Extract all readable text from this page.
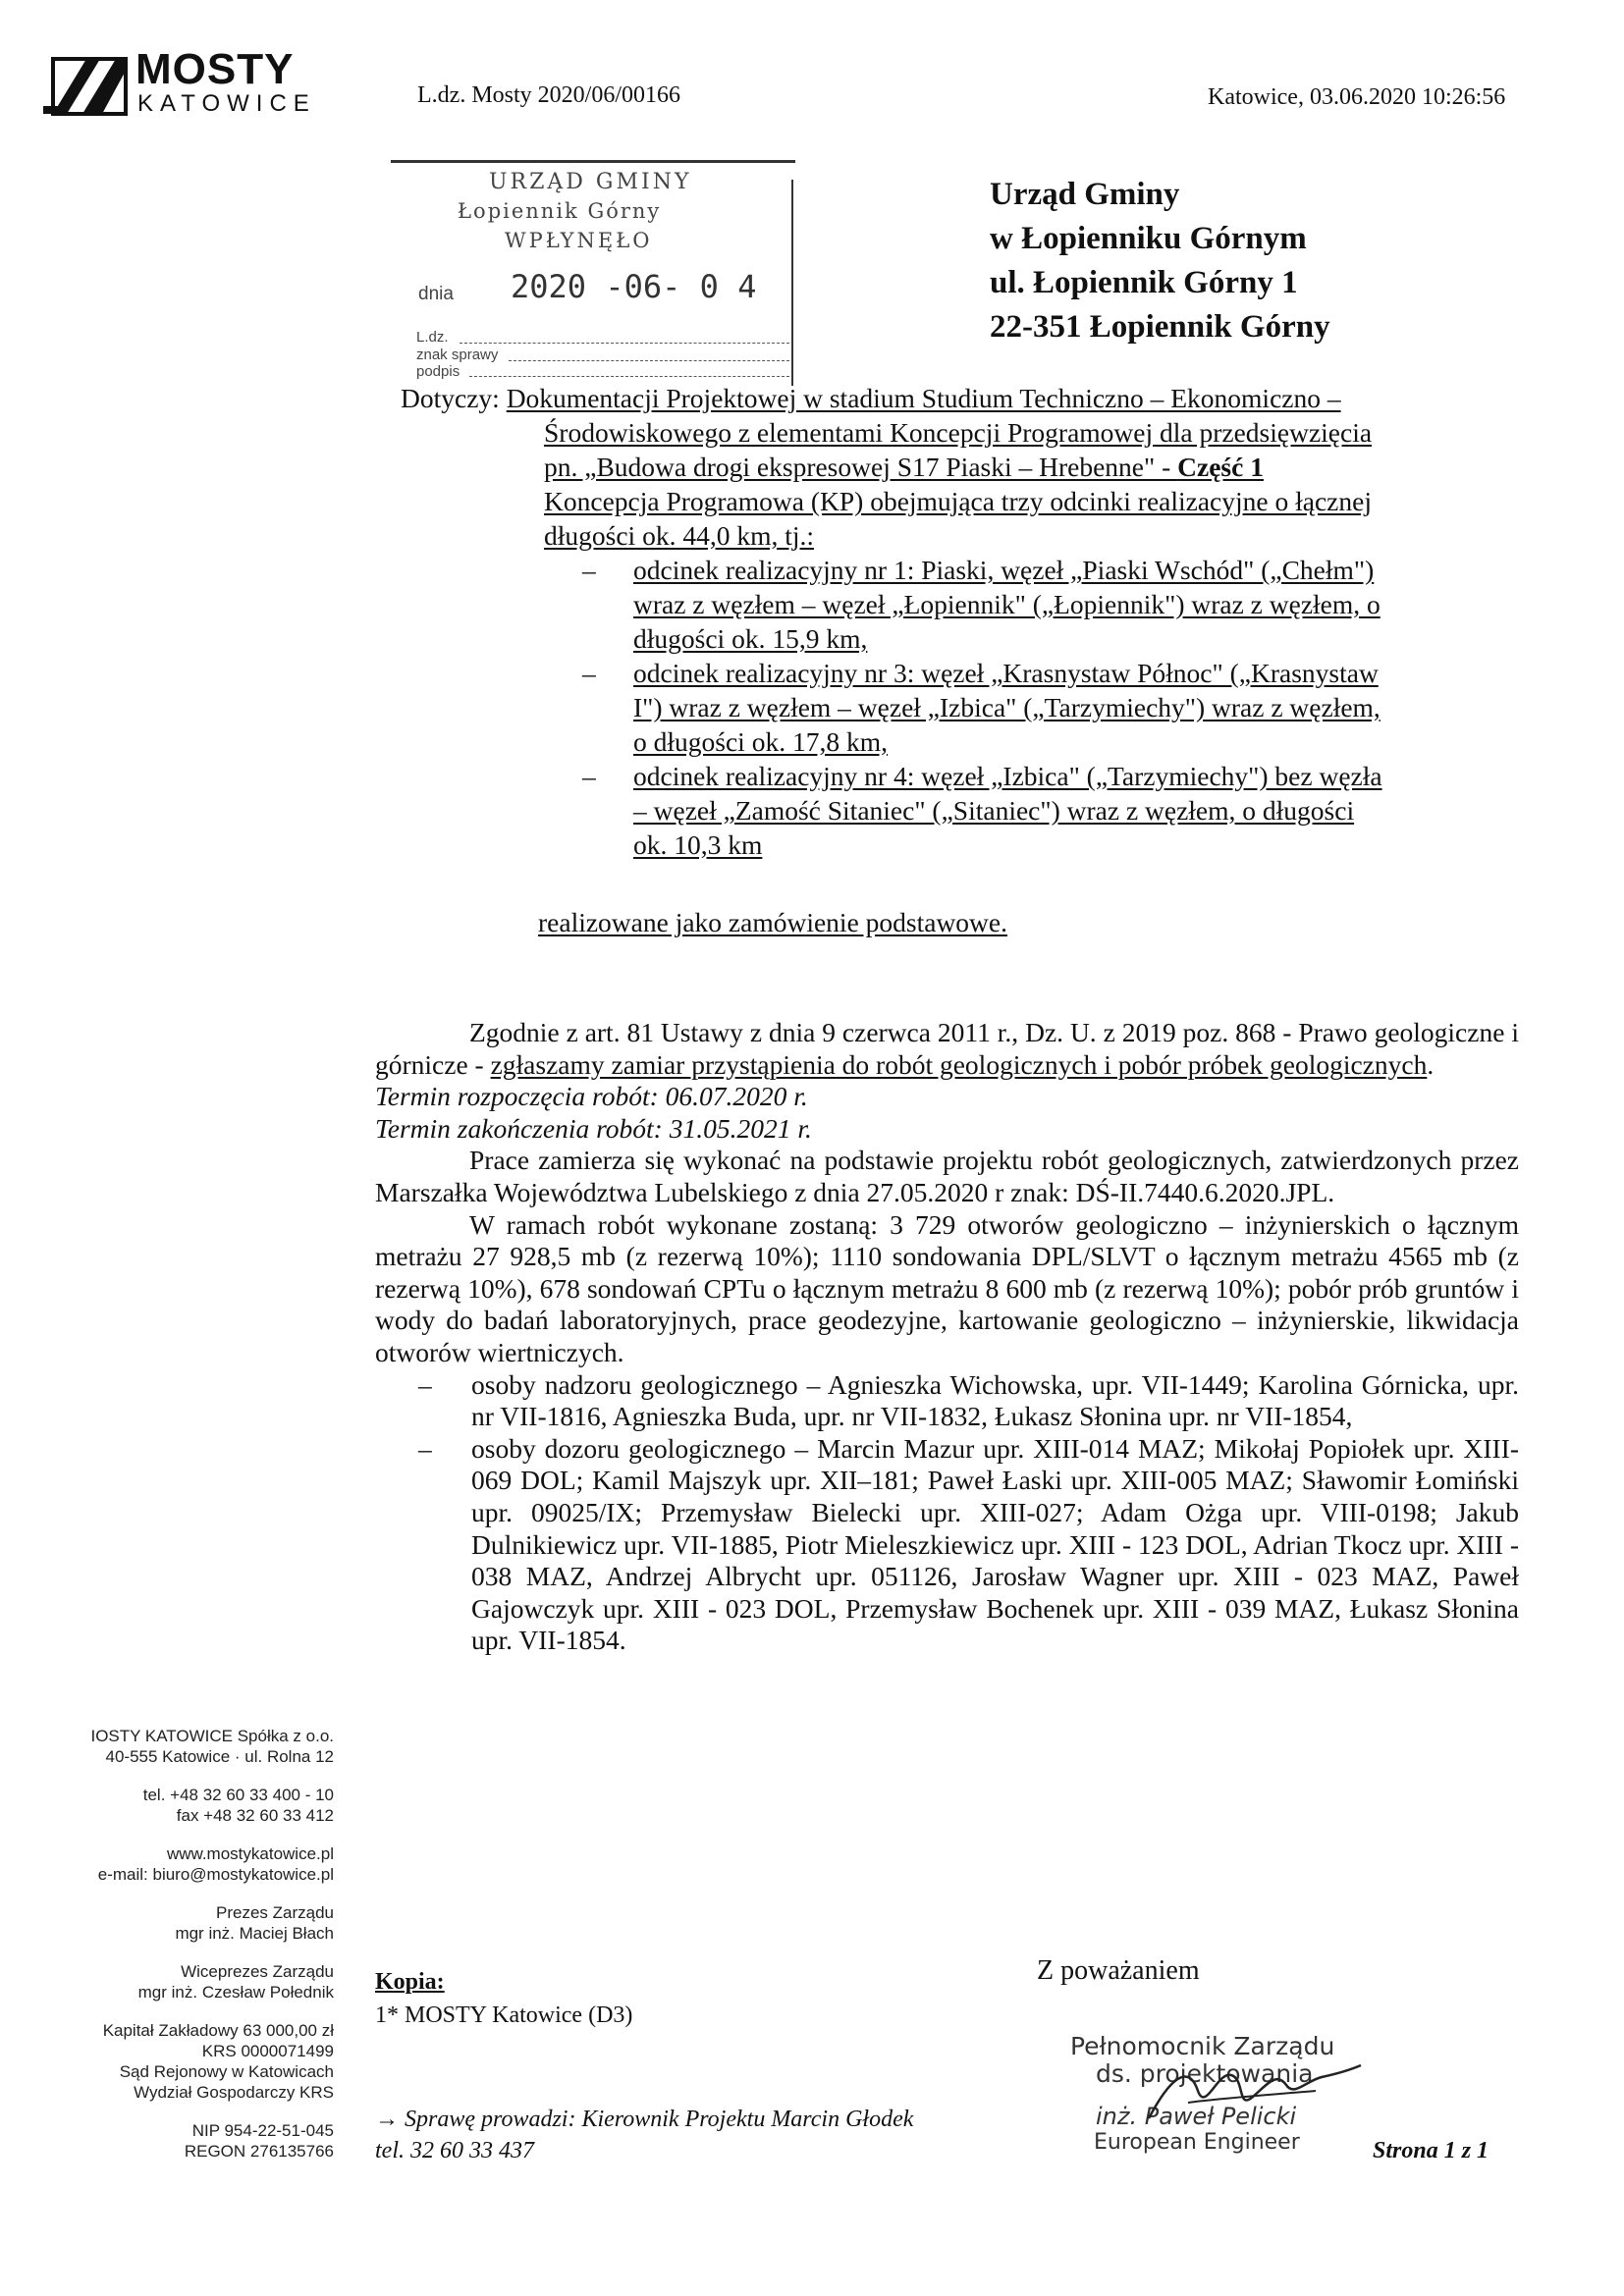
MOSTY
KATOWICE	L.dz. Mosty 2020/06/00166	Katowice, 03.06.2020 10:26:56
URZĄD GMINY
Łopiennik Górny
WPŁYNĘŁO
dnia 2020 -06- 0 4
L.dz.
znak sprawy
podpis
Urząd Gminy
w Łopienniku Górnym
ul. Łopiennik Górny 1
22-351 Łopiennik Górny
Dotyczy: Dokumentacji Projektowej w stadium Studium Techniczno – Ekonomiczno –
Środowiskowego z elementami Koncepcji Programowej dla przedsięwzięcia
pn. „Budowa drogi ekspresowej S17 Piaski – Hrebenne" - Część 1
Koncepcja Programowa (KP) obejmująca trzy odcinki realizacyjne o łącznej
długości ok. 44,0 km, tj.:
– odcinek realizacyjny nr 1: Piaski, węzeł „Piaski Wschód" („Chełm")
wraz z węzłem – węzeł „Łopiennik" („Łopiennik") wraz z węzłem, o
długości ok. 15,9 km,
– odcinek realizacyjny nr 3: węzeł „Krasnystaw Północ" („Krasnystaw
I") wraz z węzłem – węzeł „Izbica" („Tarzymiechy") wraz z węzłem,
o długości ok. 17,8 km,
– odcinek realizacyjny nr 4: węzeł „Izbica" („Tarzymiechy") bez węzła
– węzeł „Zamość Sitaniec" („Sitaniec") wraz z węzłem, o długości
ok. 10,3 km
realizowane jako zamówienie podstawowe.

Zgodnie z art. 81 Ustawy z dnia 9 czerwca 2011 r., Dz. U. z 2019 poz. 868 - Prawo geologiczne i górnicze - zgłaszamy zamiar przystąpienia do robót geologicznych i pobór próbek geologicznych.

Termin rozpoczęcia robót: 06.07.2020 r.

Termin zakończenia robót: 31.05.2021 r.

Prace zamierza się wykonać na podstawie projektu robót geologicznych, zatwierdzonych przez Marszałka Województwa Lubelskiego z dnia 27.05.2020 r znak: DŚ-II.7440.6.2020.JPL.

W ramach robót wykonane zostaną: 3 729 otworów geologiczno – inżynierskich o łącznym metrażu 27 928,5 mb (z rezerwą 10%); 1110 sondowania DPL/SLVT o łącznym metrażu 4565 mb (z rezerwą 10%), 678 sondowań CPTu o łącznym metrażu 8 600 mb (z rezerwą 10%); pobór prób gruntów i wody do badań laboratoryjnych, prace geodezyjne, kartowanie geologiczno – inżynierskie, likwidacja otworów wiertniczych.

– osoby nadzoru geologicznego – Agnieszka Wichowska, upr. VII-1449; Karolina Górnicka, upr. nr VII-1816, Agnieszka Buda, upr. nr VII-1832, Łukasz Słonina upr. nr VII-1854,
– osoby dozoru geologicznego – Marcin Mazur upr. XIII-014 MAZ; Mikołaj Popiołek upr. XIII-069 DOL; Kamil Majszyk upr. XII–181; Paweł Łaski upr. XIII-005 MAZ; Sławomir Łomiński upr. 09025/IX; Przemysław Bielecki upr. XIII-027; Adam Ożga upr. VIII-0198; Jakub Dulnikiewicz upr. VII-1885, Piotr Mieleszkiewicz upr. XIII - 123 DOL, Adrian Tkocz upr. XIII - 038 MAZ, Andrzej Albrycht upr. 051126, Jarosław Wagner upr. XIII - 023 MAZ, Paweł Gajowczyk upr. XIII - 023 DOL, Przemysław Bochenek upr. XIII - 039 MAZ, Łukasz Słonina upr. VII-1854.
IOSTY KATOWICE Spółka z o.o.
40-555 Katowice · ul. Rolna 12
tel. +48 32 60 33 400 - 10
fax +48 32 60 33 412
www.mostykatowice.pl
e-mail: biuro@mostykatowice.pl
Prezes Zarządu
mgr inż. Maciej Błach
Wiceprezes Zarządu
mgr inż. Czesław Połednik
Kapitał Zakładowy 63 000,00 zł
KRS 0000071499
Sąd Rejonowy w Katowicach
Wydział Gospodarczy KRS
NIP 954-22-51-045
REGON 276135766
Kopia:
1* MOSTY Katowice (D3)
Z poważaniem
Pełnomocnik Zarządu
ds. projektowania
inż. Paweł Pelicki
European Engineer
→ Sprawę prowadzi: Kierownik Projektu Marcin Głodek
tel. 32 60 33 437	Strona 1 z 1
